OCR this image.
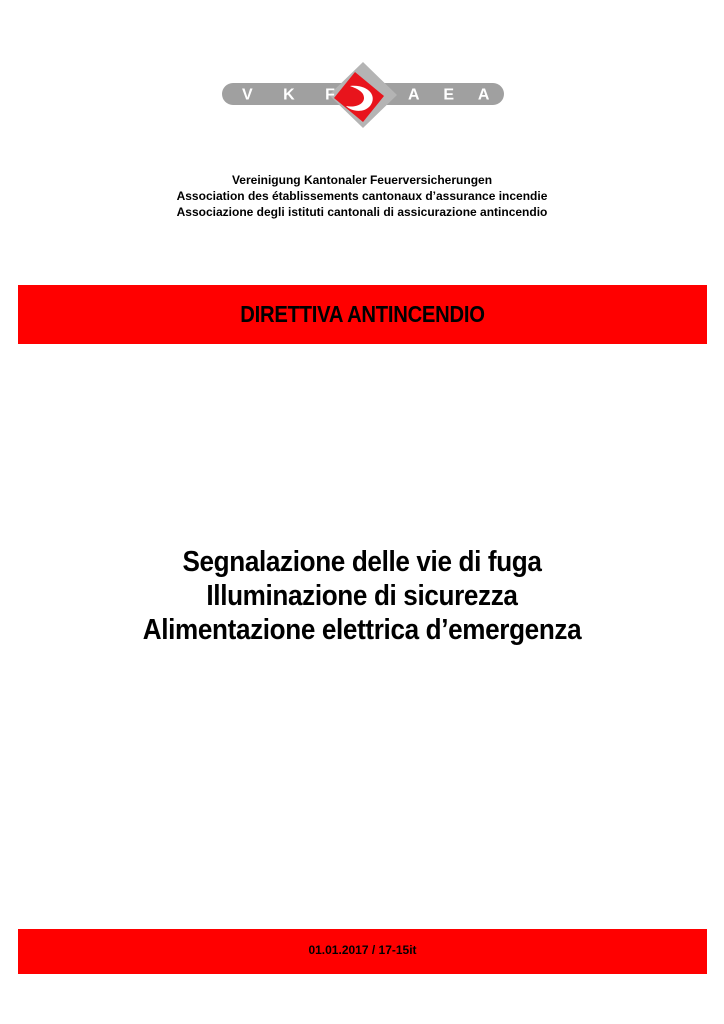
V K F	A E A I
Vereinigung Kantonaler Feuerversicherungen
Association des établissements cantonaux d’assurance incendie
Associazione degli istituti cantonali di assicurazione antincendio
DIRETTIVA ANTINCENDIO
Segnalazione delle vie di fuga
Illuminazione di sicurezza
Alimentazione elettrica d’emergenza
01.01.2017 / 17-15it
